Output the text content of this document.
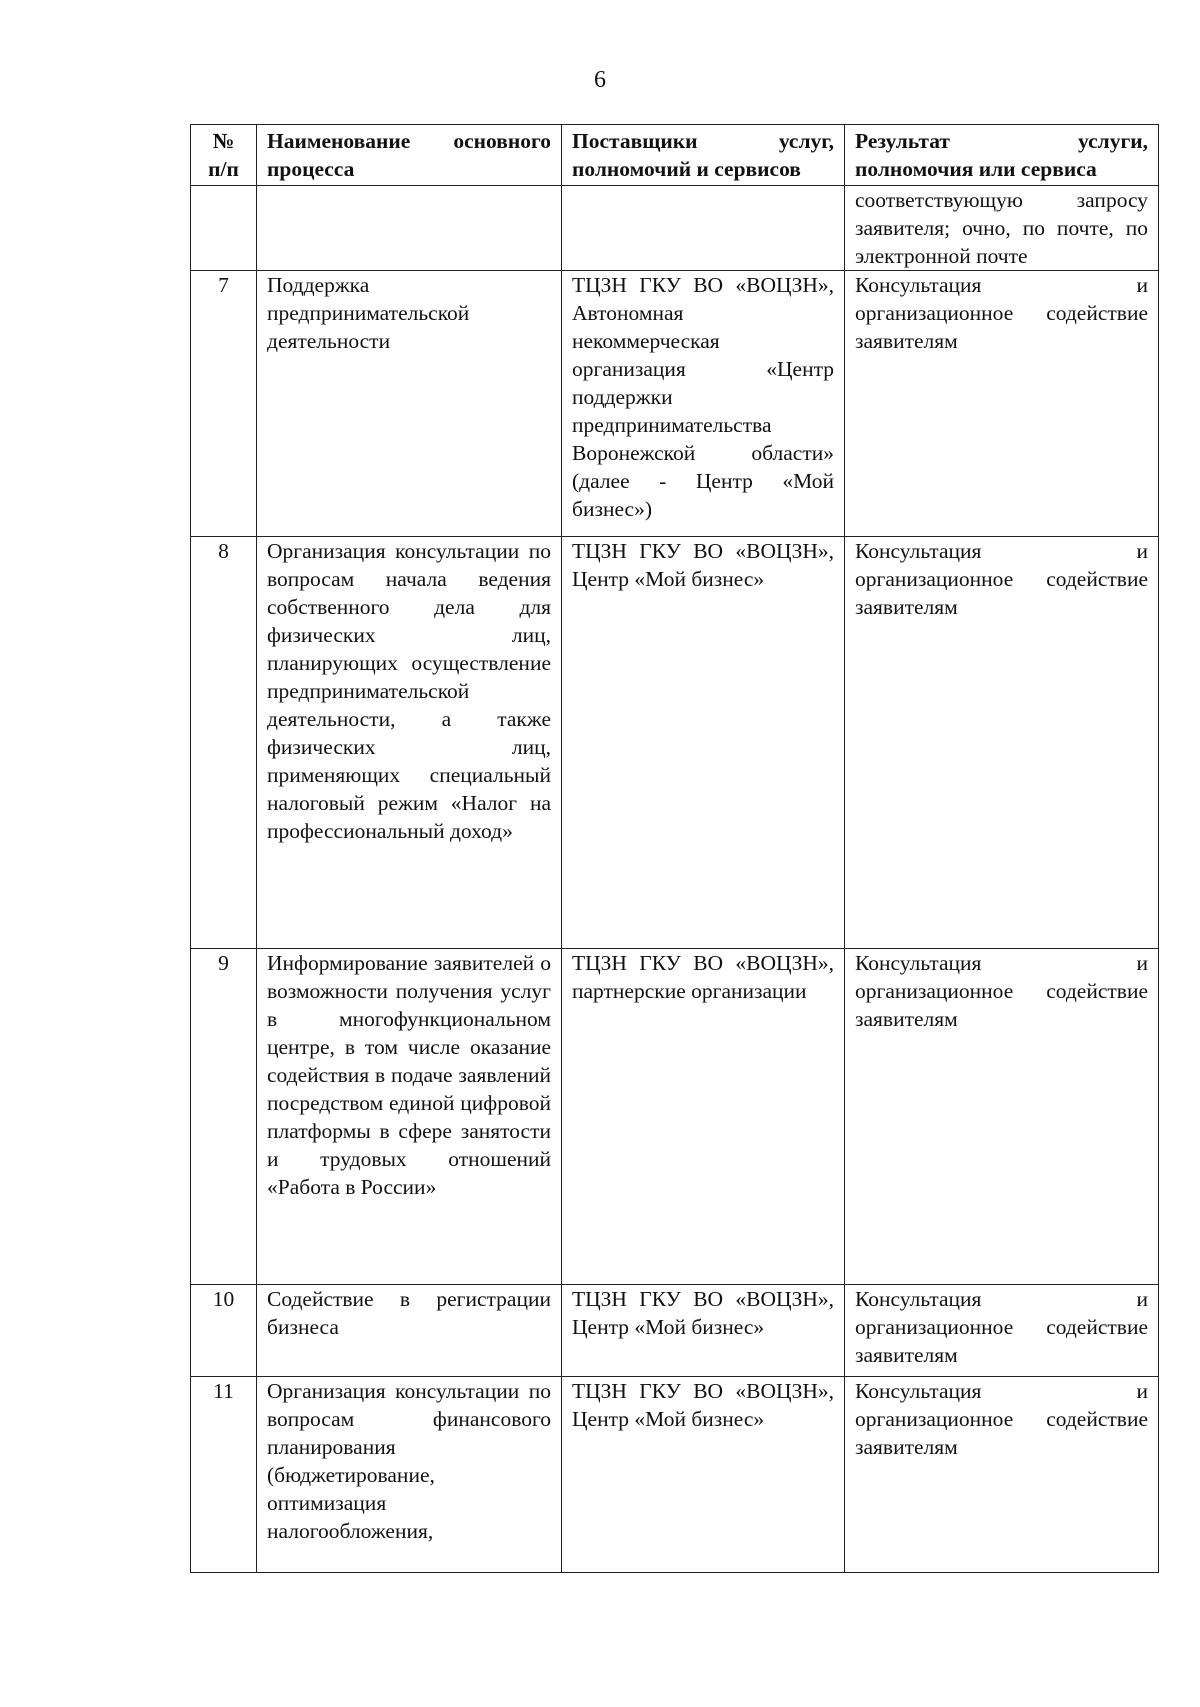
6
№
п/п	Наименование основного процесса	Поставщики услуг, полномочий и сервисов	Результат услуги, полномочия или сервиса
			соответствующую запросу заявителя; очно, по почте, по электронной почте
7	Поддержка предпринимательской деятельности	ТЦЗН ГКУ ВО «ВОЦЗН», Автономная некоммерческая организация «Центр поддержки предпринимательства Воронежской области» (далее - Центр «Мой бизнес»)	Консультация и организационное содействие заявителям
8	Организация консультации по вопросам начала ведения собственного дела для физических лиц, планирующих осуществление предпринимательской деятельности, а также физических лиц, применяющих специальный налоговый режим «Налог на профессиональный доход»	ТЦЗН ГКУ ВО «ВОЦЗН», Центр «Мой бизнес»	Консультация и организационное содействие заявителям
9	Информирование заявителей о возможности получения услуг в многофункциональном центре, в том числе оказание содействия в подаче заявлений посредством единой цифровой платформы в сфере занятости и трудовых отношений «Работа в России»	ТЦЗН ГКУ ВО «ВОЦЗН», партнерские организации	Консультация и организационное содействие заявителям
10	Содействие в регистрации бизнеса	ТЦЗН ГКУ ВО «ВОЦЗН», Центр «Мой бизнес»	Консультация и организационное содействие заявителям
11	Организация консультации по вопросам финансового планирования (бюджетирование, оптимизация налогообложения,	ТЦЗН ГКУ ВО «ВОЦЗН», Центр «Мой бизнес»	Консультация и организационное содействие заявителям
